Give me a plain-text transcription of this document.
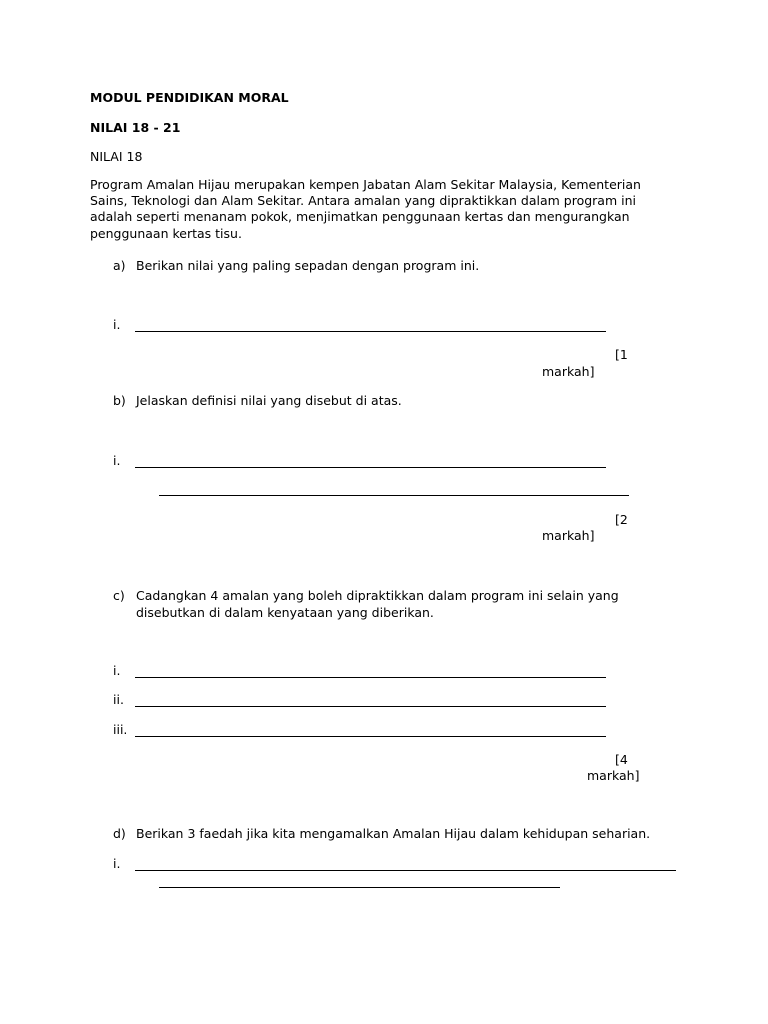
MODUL PENDIDIKAN MORAL
NILAI 18 - 21
NILAI 18
Program Amalan Hijau merupakan kempen Jabatan Alam Sekitar Malaysia, Kementerian Sains, Teknologi dan Alam Sekitar. Antara amalan yang dipraktikkan dalam program ini adalah seperti menanam pokok, menjimatkan penggunaan kertas dan mengurangkan penggunaan kertas tisu.
a) Berikan nilai yang paling sepadan dengan program ini.
i.
[1
markah]
b) Jelaskan definisi nilai yang disebut di atas.
i.
[2
markah]
c) Cadangkan 4 amalan yang boleh dipraktikkan dalam program ini selain yang
disebutkan di dalam kenyataan yang diberikan.
i.
ii.
iii.
[4
markah]
d) Berikan 3 faedah jika kita mengamalkan Amalan Hijau dalam kehidupan seharian.
i.
